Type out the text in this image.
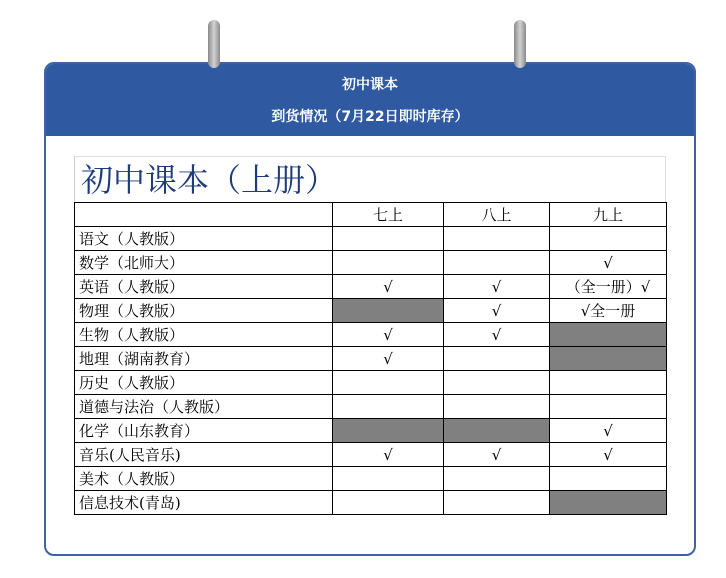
初中课本
到货情况（7月22日即时库存）
初中课本（上册）
	七上	八上	九上
语文（人教版）			
数学（北师大）			√
英语（人教版）	√	√	（全一册）√
物理（人教版）		√	√全一册
生物（人教版）	√	√	
地理（湖南教育）	√		
历史（人教版）			
道德与法治（人教版）			
化学（山东教育）			√
音乐(人民音乐)	√	√	√
美术（人教版）			
信息技术(青岛)			
